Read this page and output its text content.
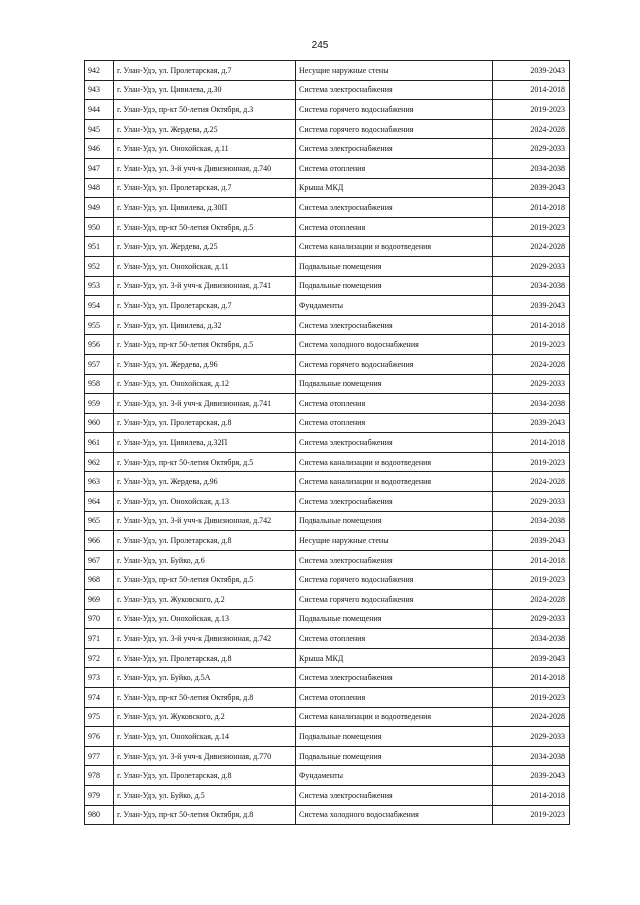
245
942	г. Улан-Удэ, ул. Пролетарская, д.7	Несущие наружные стены	2039-2043
943	г. Улан-Удэ, ул. Цивилева, д.30	Система электроснабжения	2014-2018
944	г. Улан-Удэ, пр-кт 50-летия Октября, д.3	Система горячего водоснабжения	2019-2023
945	г. Улан-Удэ, ул. Жердева, д.25	Система горячего водоснабжения	2024-2028
946	г. Улан-Удэ, ул. Онохойская, д.11	Система электроснабжения	2029-2033
947	г. Улан-Удэ, ул. 3-й учч-к Дивизионная, д.740	Система отопления	2034-2038
948	г. Улан-Удэ, ул. Пролетарская, д.7	Крыша МКД	2039-2043
949	г. Улан-Удэ, ул. Цивилева, д.30П	Система электроснабжения	2014-2018
950	г. Улан-Удэ, пр-кт 50-летия Октября, д.5	Система отопления	2019-2023
951	г. Улан-Удэ, ул. Жердева, д.25	Система канализации и водоотведения	2024-2028
952	г. Улан-Удэ, ул. Онохойская, д.11	Подвальные помещения	2029-2033
953	г. Улан-Удэ, ул. 3-й учч-к Дивизионная, д.741	Подвальные помещения	2034-2038
954	г. Улан-Удэ, ул. Пролетарская, д.7	Фундаменты	2039-2043
955	г. Улан-Удэ, ул. Цивилева, д.32	Система электроснабжения	2014-2018
956	г. Улан-Удэ, пр-кт 50-летия Октября, д.5	Система холодного водоснабжения	2019-2023
957	г. Улан-Удэ, ул. Жердева, д.96	Система горячего водоснабжения	2024-2028
958	г. Улан-Удэ, ул. Онохойская, д.12	Подвальные помещения	2029-2033
959	г. Улан-Удэ, ул. 3-й учч-к Дивизионная, д.741	Система отопления	2034-2038
960	г. Улан-Удэ, ул. Пролетарская, д.8	Система отопления	2039-2043
961	г. Улан-Удэ, ул. Цивилева, д.32П	Система электроснабжения	2014-2018
962	г. Улан-Удэ, пр-кт 50-летия Октября, д.5	Система канализации и водоотведения	2019-2023
963	г. Улан-Удэ, ул. Жердева, д.96	Система канализации и водоотведения	2024-2028
964	г. Улан-Удэ, ул. Онохойская, д.13	Система электроснабжения	2029-2033
965	г. Улан-Удэ, ул. 3-й учч-к Дивизионная, д.742	Подвальные помещения	2034-2038
966	г. Улан-Удэ, ул. Пролетарская, д.8	Несущие наружные стены	2039-2043
967	г. Улан-Удэ, ул. Буйко, д.6	Система электроснабжения	2014-2018
968	г. Улан-Удэ, пр-кт 50-летия Октября, д.5	Система горячего водоснабжения	2019-2023
969	г. Улан-Удэ, ул. Жуковского, д.2	Система горячего водоснабжения	2024-2028
970	г. Улан-Удэ, ул. Онохойская, д.13	Подвальные помещения	2029-2033
971	г. Улан-Удэ, ул. 3-й учч-к Дивизионная, д.742	Система отопления	2034-2038
972	г. Улан-Удэ, ул. Пролетарская, д.8	Крыша МКД	2039-2043
973	г. Улан-Удэ, ул. Буйко, д.5А	Система электроснабжения	2014-2018
974	г. Улан-Удэ, пр-кт 50-летия Октября, д.8	Система отопления	2019-2023
975	г. Улан-Удэ, ул. Жуковского, д.2	Система канализации и водоотведения	2024-2028
976	г. Улан-Удэ, ул. Онохойская, д.14	Подвальные помещения	2029-2033
977	г. Улан-Удэ, ул. 3-й учч-к Дивизионная, д.770	Подвальные помещения	2034-2038
978	г. Улан-Удэ, ул. Пролетарская, д.8	Фундаменты	2039-2043
979	г. Улан-Удэ, ул. Буйко, д.5	Система электроснабжения	2014-2018
980	г. Улан-Удэ, пр-кт 50-летия Октября, д.8	Система холодного водоснабжения	2019-2023
